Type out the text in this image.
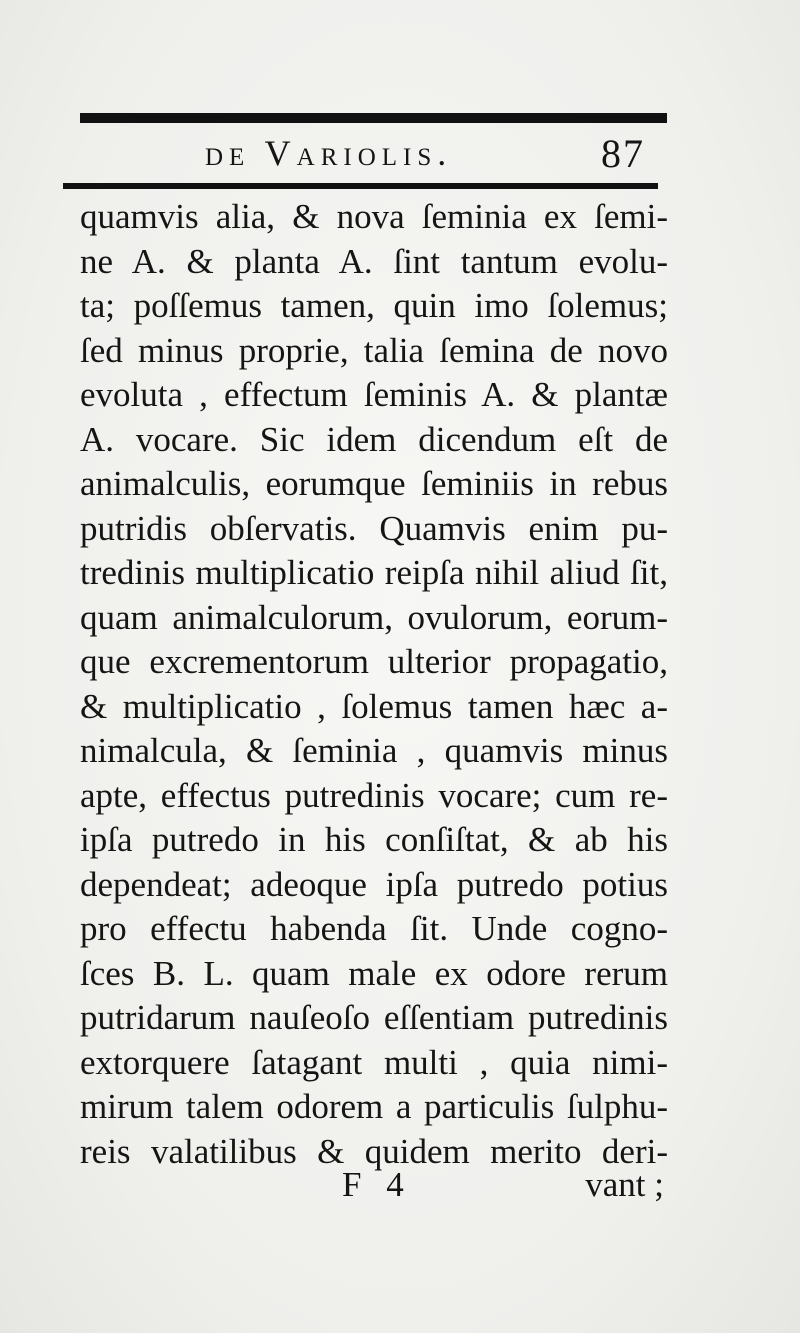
de Variolis.	87
quamvis alia, & nova ſeminia ex ſemi-
ne A. & planta A. ſint tantum evolu-
ta; poſſemus tamen, quin imo ſolemus;
ſed minus proprie, talia ſemina de novo
evoluta , effectum ſeminis A. & plantæ
A. vocare. Sic idem dicendum eſt de
animalculis, eorumque ſeminiis in rebus
putridis obſervatis. Quamvis enim pu-
tredinis multiplicatio reipſa nihil aliud ſit,
quam animalculorum, ovulorum, eorum-
que excrementorum ulterior propagatio,
& multiplicatio , ſolemus tamen hæc a-
nimalcula, & ſeminia , quamvis minus
apte, effectus putredinis vocare; cum re-
ipſa putredo in his conſiſtat, & ab his
dependeat; adeoque ipſa putredo potius
pro effectu habenda ſit. Unde cogno-
ſces B. L. quam male ex odore rerum
putridarum nauſeoſo eſſentiam putredinis
extorquere ſatagant multi , quia nimi-
mirum talem odorem a particulis ſulphu-
reis valatilibus & quidem merito deri-
F 4	vant ;
